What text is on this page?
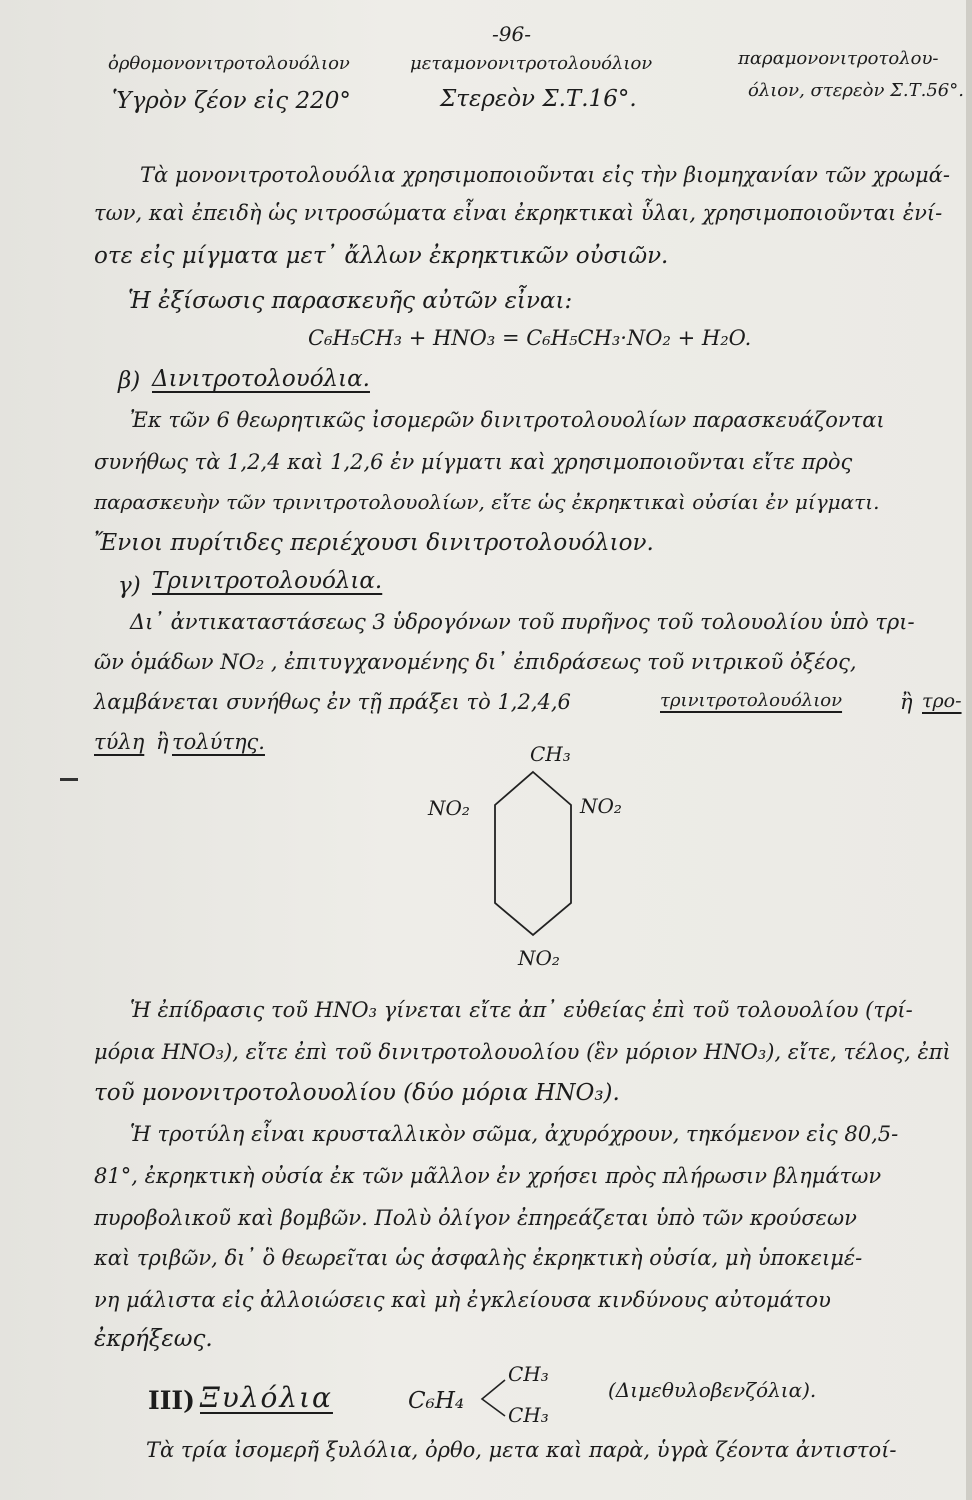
-96-
ὀρθομονονιτροτολουόλιον
Ὑγρὸν ζέον εἰς 220°
μεταμονονιτροτολουόλιον
Στερεὸν Σ.Τ.16°.
παραμονονιτροτολου-
όλιον, στερεὸν Σ.Τ.56°.
Τὰ μονονιτροτολουόλια χρησιμοποιοῦνται εἰς τὴν βιομηχανίαν τῶν χρωμά-
των, καὶ ἐπειδὴ ὡς νιτροσώματα εἶναι ἐκρηκτικαὶ ὗλαι, χρησιμοποιοῦνται ἐνί-
οτε εἰς μίγματα μετ᾽ ἄλλων ἐκρηκτικῶν οὐσιῶν.
Ἡ ἐξίσωσις παρασκευῆς αὐτῶν εἶναι:
C₆H₅CH₃ + HNO₃ = C₆H₅CH₃·NO₂ + H₂O.
β) Δινιτροτολουόλια.
Ἐκ τῶν 6 θεωρητικῶς ἰσομερῶν δινιτροτολουολίων παρασκευάζονται
συνήθως τὰ 1,2,4 καὶ 1,2,6 ἐν μίγματι καὶ χρησιμοποιοῦνται εἴτε πρὸς
παρασκευὴν τῶν τρινιτροτολουολίων, εἴτε ὡς ἐκρηκτικαὶ οὐσίαι ἐν μίγματι.
Ἔνιοι πυρίτιδες περιέχουσι δινιτροτολουόλιον.
γ) Τρινιτροτολουόλια.
Δι᾽ ἀντικαταστάσεως 3 ὑδρογόνων τοῦ πυρῆνος τοῦ τολουολίου ὑπὸ τρι-
ῶν ὁμάδων NO₂ , ἐπιτυγχανομένης δι᾽ ἐπιδράσεως τοῦ νιτρικοῦ ὀξέος,
λαμβάνεται συνήθως ἐν τῇ πράξει τὸ 1,2,4,6	τρινιτροτολουόλιον	ἢ τρο-
τύλη ἢ τολύτης.	CH₃
NO₂	NO₂
NO₂
Ἡ ἐπίδρασις τοῦ HNO₃ γίνεται εἴτε ἀπ᾽ εὐθείας ἐπὶ τοῦ τολουολίου (τρί-
μόρια HNO₃), εἴτε ἐπὶ τοῦ δινιτροτολουολίου (ἓν μόριον HNO₃), εἴτε, τέλος, ἐπὶ
τοῦ μονονιτροτολουολίου (δύο μόρια HNO₃).
Ἡ τροτύλη εἶναι κρυσταλλικὸν σῶμα, ἀχυρόχρουν, τηκόμενον εἰς 80,5-
81°, ἐκρηκτικὴ οὐσία ἐκ τῶν μᾶλλον ἐν χρήσει πρὸς πλήρωσιν βλημάτων
πυροβολικοῦ καὶ βομβῶν. Πολὺ ὀλίγον ἐπηρεάζεται ὑπὸ τῶν κρούσεων
καὶ τριβῶν, δι᾽ ὃ θεωρεῖται ὡς ἀσφαλὴς ἐκρηκτικὴ οὐσία, μὴ ὑποκειμέ-
νη μάλιστα εἰς ἀλλοιώσεις καὶ μὴ ἐγκλείουσα κινδύνους αὐτομάτου
ἐκρήξεως.
III) Ξυλόλια	C₆H₄
CH₃
CH₃
(Διμεθυλοβενζόλια).
Τὰ τρία ἰσομερῆ ξυλόλια, ὀρθο, μετα καὶ παρὰ, ὑγρὰ ζέοντα ἀντιστοί-
